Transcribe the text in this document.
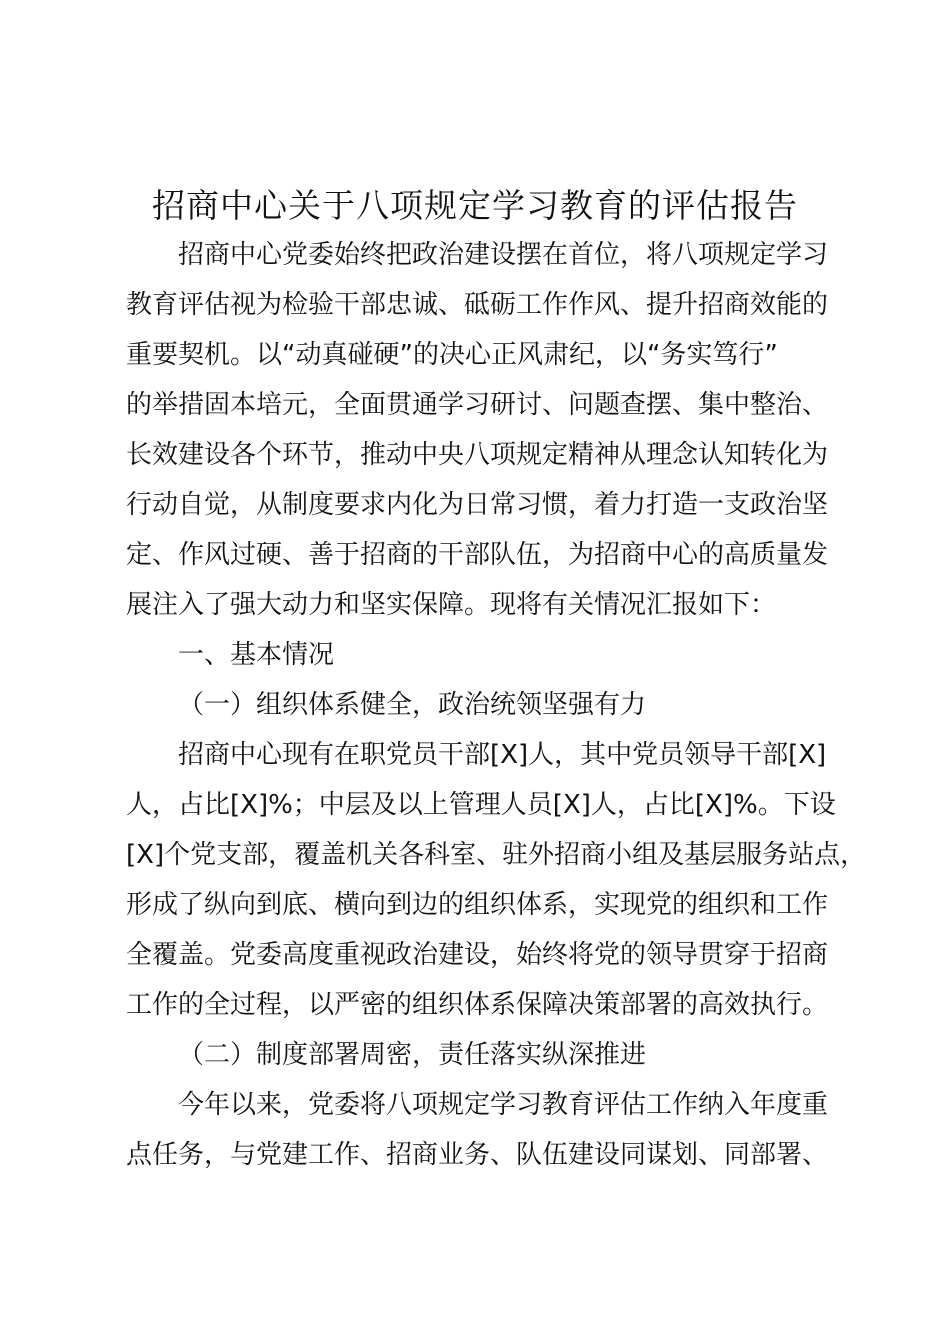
招商中心关于八项规定学习教育的评估报告
招商中心党委始终把政治建设摆在首位，将八项规定学习
教育评估视为检验干部忠诚、砥砺工作作风、提升招商效能的
重要契机。以“动真碰硬”的决心正风肃纪，以“务实笃行”
的举措固本培元，全面贯通学习研讨、问题查摆、集中整治、
长效建设各个环节，推动中央八项规定精神从理念认知转化为
行动自觉，从制度要求内化为日常习惯，着力打造一支政治坚
定、作风过硬、善于招商的干部队伍，为招商中心的高质量发
展注入了强大动力和坚实保障。现将有关情况汇报如下：
一、基本情况
（一）组织体系健全，政治统领坚强有力
招商中心现有在职党员干部[X]人，其中党员领导干部[X]
人，占比[X]%；中层及以上管理人员[X]人，占比[X]%。下设
[X]个党支部，覆盖机关各科室、驻外招商小组及基层服务站点，
形成了纵向到底、横向到边的组织体系，实现党的组织和工作
全覆盖。党委高度重视政治建设，始终将党的领导贯穿于招商
工作的全过程，以严密的组织体系保障决策部署的高效执行。
（二）制度部署周密，责任落实纵深推进
今年以来，党委将八项规定学习教育评估工作纳入年度重
点任务，与党建工作、招商业务、队伍建设同谋划、同部署、
